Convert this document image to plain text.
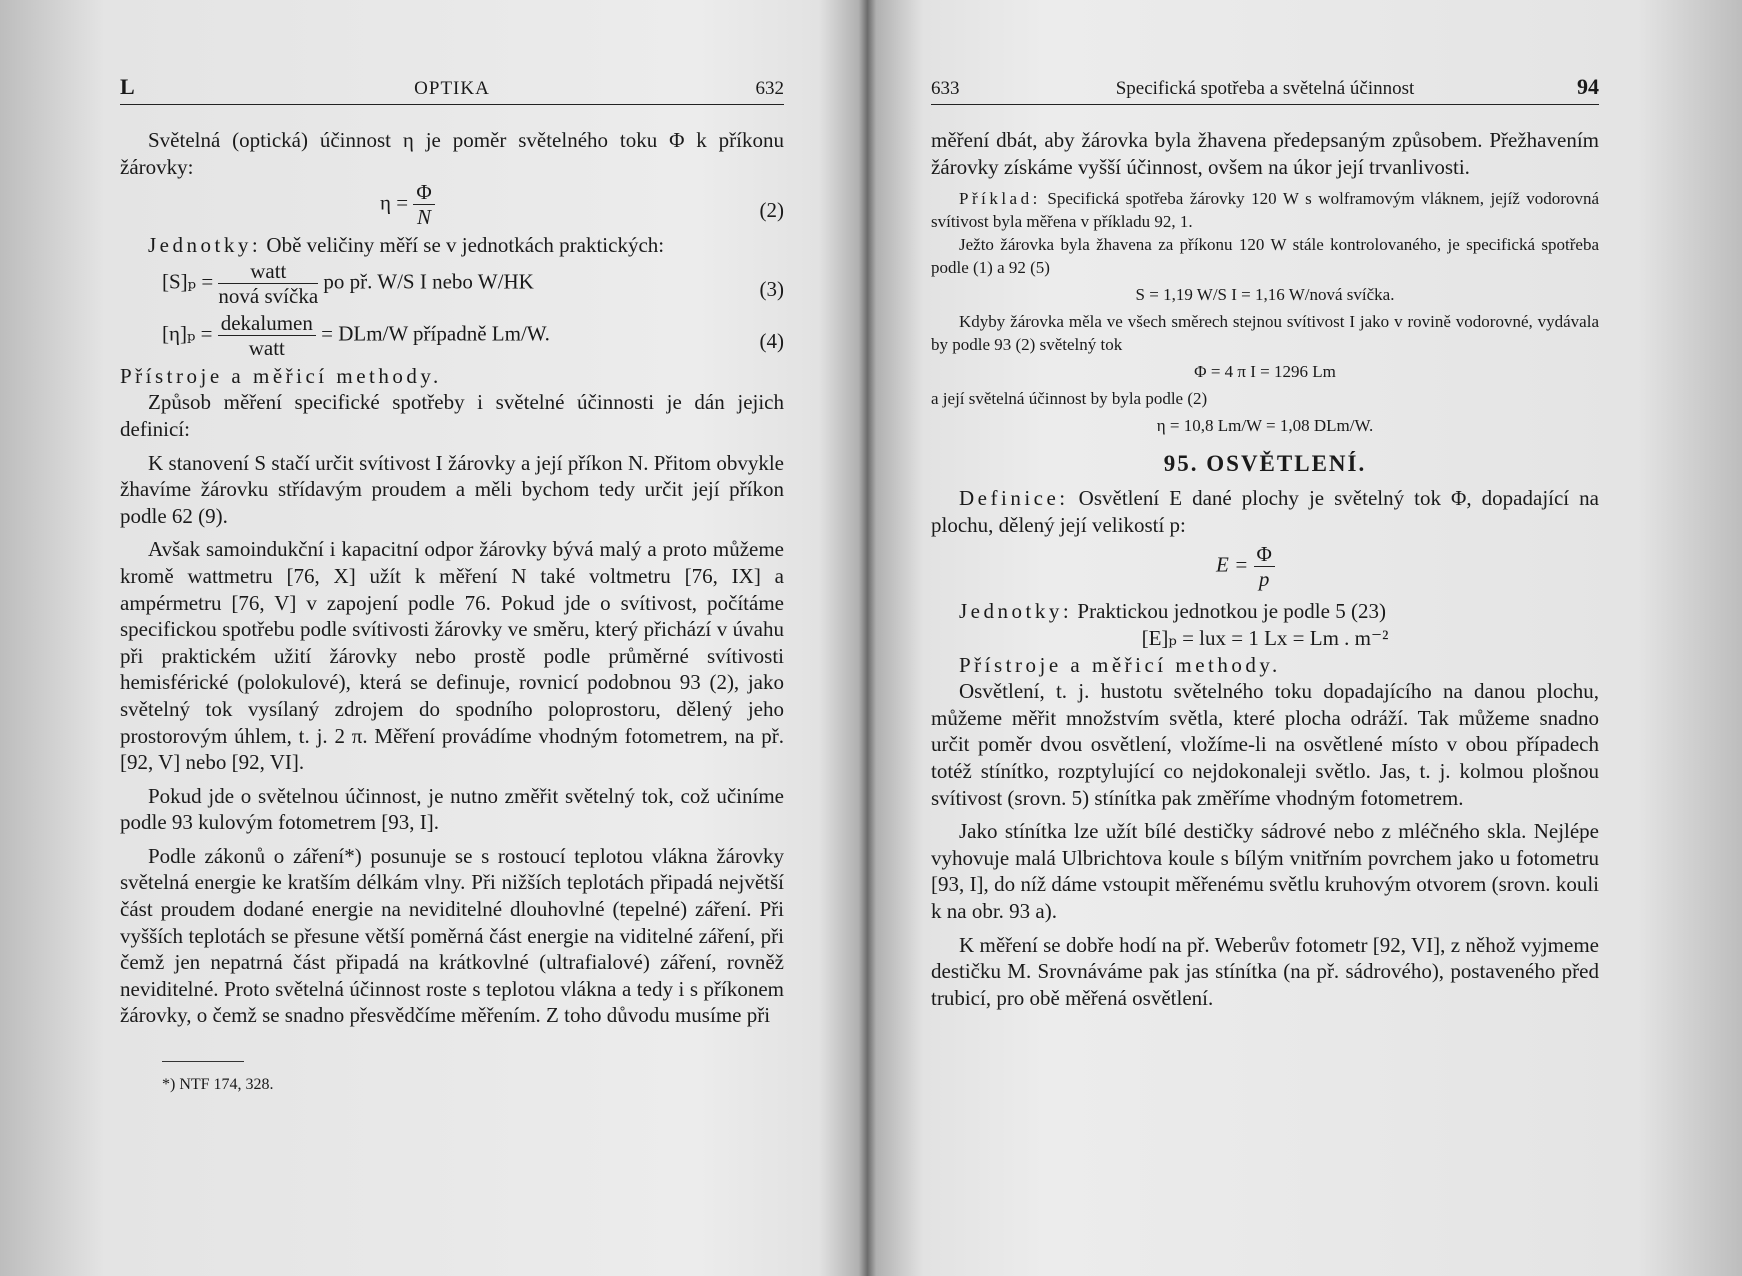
L	OPTIKA	632

Světelná (optická) účinnost η je poměr světelného toku Φ k příkonu žárovky:

$\eta = \frac{\Phi}{N}$	(2)

Jednotky: Obě veličiny měří se v jednotkách praktických:

$[S]_p = \frac{\text{watt}}{\text{nová svíčka}}$ po př. W/S I nebo W/HK	(3)
$[\eta]_p = \frac{\text{dekalumen}}{\text{watt}} = DLm/W$ případně Lm/W.	(4)

Přístroje a měřicí methody.

Způsob měření specifické spotřeby i světelné účinnosti je dán jejich definicí:

K stanovení S stačí určit svítivost I žárovky a její příkon N. Přitom obvykle žhavíme žárovku střídavým proudem a měli bychom tedy určit její příkon podle 62 (9).

Avšak samoindukční i kapacitní odpor žárovky bývá malý a proto můžeme kromě wattmetru [76, X] užít k měření N také voltmetru [76, IX] a ampérmetru [76, V] v zapojení podle 76. Pokud jde o svítivost, počítáme specifickou spotřebu podle svítivosti žárovky ve směru, který přichází v úvahu při praktickém užití žárovky nebo prostě podle průměrné svítivosti hemisférické (polokulové), která se definuje, rovnicí podobnou 93 (2), jako světelný tok vysílaný zdrojem do spodního poloprostoru, dělený jeho prostorovým úhlem, t. j. 2 π. Měření provádíme vhodným fotometrem, na př. [92, V] nebo [92, VI].

Pokud jde o světelnou účinnost, je nutno změřit světelný tok, což učiníme podle 93 kulovým fotometrem [93, I].

Podle zákonů o záření*) posunuje se s rostoucí teplotou vlákna žárovky světelná energie ke kratším délkám vlny. Při nižších teplotách připadá největší část proudem dodané energie na neviditelné dlouhovlné (tepelné) záření. Při vyšších teplotách se přesune větší poměrná část energie na viditelné záření, při čemž jen nepatrná část připadá na krátkovlné (ultrafialové) záření, rovněž neviditelné. Proto světelná účinnost roste s teplotou vlákna a tedy i s příkonem žárovky, o čemž se snadno přesvědčíme měřením. Z toho důvodu musíme při

*) NTF 174, 328.
633	Specifická spotřeba a světelná účinnost	94

měření dbát, aby žárovka byla žhavena předepsaným způsobem. Přežhavením žárovky získáme vyšší účinnost, ovšem na úkor její trvanlivosti.

Příklad: Specifická spotřeba žárovky 120 W s wolframovým vláknem, jejíž vodorovná svítivost byla měřena v příkladu 92, 1.

Ježto žárovka byla žhavena za příkonu 120 W stále kontrolovaného, je specifická spotřeba podle (1) a 92 (5)

S = 1,19 W/S I = 1,16 W/nová svíčka.

Kdyby žárovka měla ve všech směrech stejnou svítivost I jako v rovině vodorovné, vydávala by podle 93 (2) světelný tok

Φ = 4 π I = 1296 Lm

a její světelná účinnost by byla podle (2)

η = 10,8 Lm/W = 1,08 DLm/W.

95. OSVĚTLENÍ.

Definice: Osvětlení E dané plochy je světelný tok Φ, dopadající na plochu, dělený její velikostí p:

$E = \frac{\Phi}{p}$

Jednotky: Praktickou jednotkou je podle 5 (23)

[E]ₚ = lux = 1 Lx = Lm . m⁻²

Přístroje a měřicí methody.

Osvětlení, t. j. hustotu světelného toku dopadajícího na danou plochu, můžeme měřit množstvím světla, které plocha odráží. Tak můžeme snadno určit poměr dvou osvětlení, vložíme-li na osvětlené místo v obou případech totéž stínítko, rozptylující co nejdokonaleji světlo. Jas, t. j. kolmou plošnou svítivost (srovn. 5) stínítka pak změříme vhodným fotometrem.

Jako stínítka lze užít bílé destičky sádrové nebo z mléčného skla. Nejlépe vyhovuje malá Ulbrichtova koule s bílým vnitřním povrchem jako u fotometru [93, I], do níž dáme vstoupit měřenému světlu kruhovým otvorem (srovn. kouli k na obr. 93 a).

K měření se dobře hodí na př. Weberův fotometr [92, VI], z něhož vyjmeme destičku M. Srovnáváme pak jas stínítka (na př. sádrového), postaveného před trubicí, pro obě měřená osvětlení.
